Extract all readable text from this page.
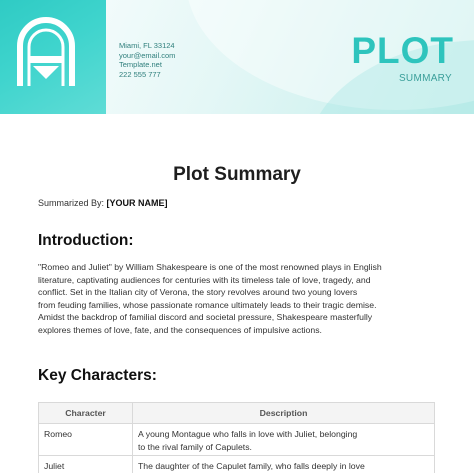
Miami, FL 33124
your@email.com
Template.net
222 555 777
PLOT
SUMMARY
Plot Summary
Summarized By: [YOUR NAME]
Introduction:
"Romeo and Juliet" by William Shakespeare is one of the most renowned plays in English
literature, captivating audiences for centuries with its timeless tale of love, tragedy, and
conflict. Set in the Italian city of Verona, the story revolves around two young lovers
from feuding families, whose passionate romance ultimately leads to their tragic demise.
Amidst the backdrop of familial discord and societal pressure, Shakespeare masterfully
explores themes of love, fate, and the consequences of impulsive actions.
Key Characters:
Character	Description
Romeo	A young Montague who falls in love with Juliet, belonging
to the rival family of Capulets.

Juliet	The daughter of the Capulet family, who falls deeply in love
